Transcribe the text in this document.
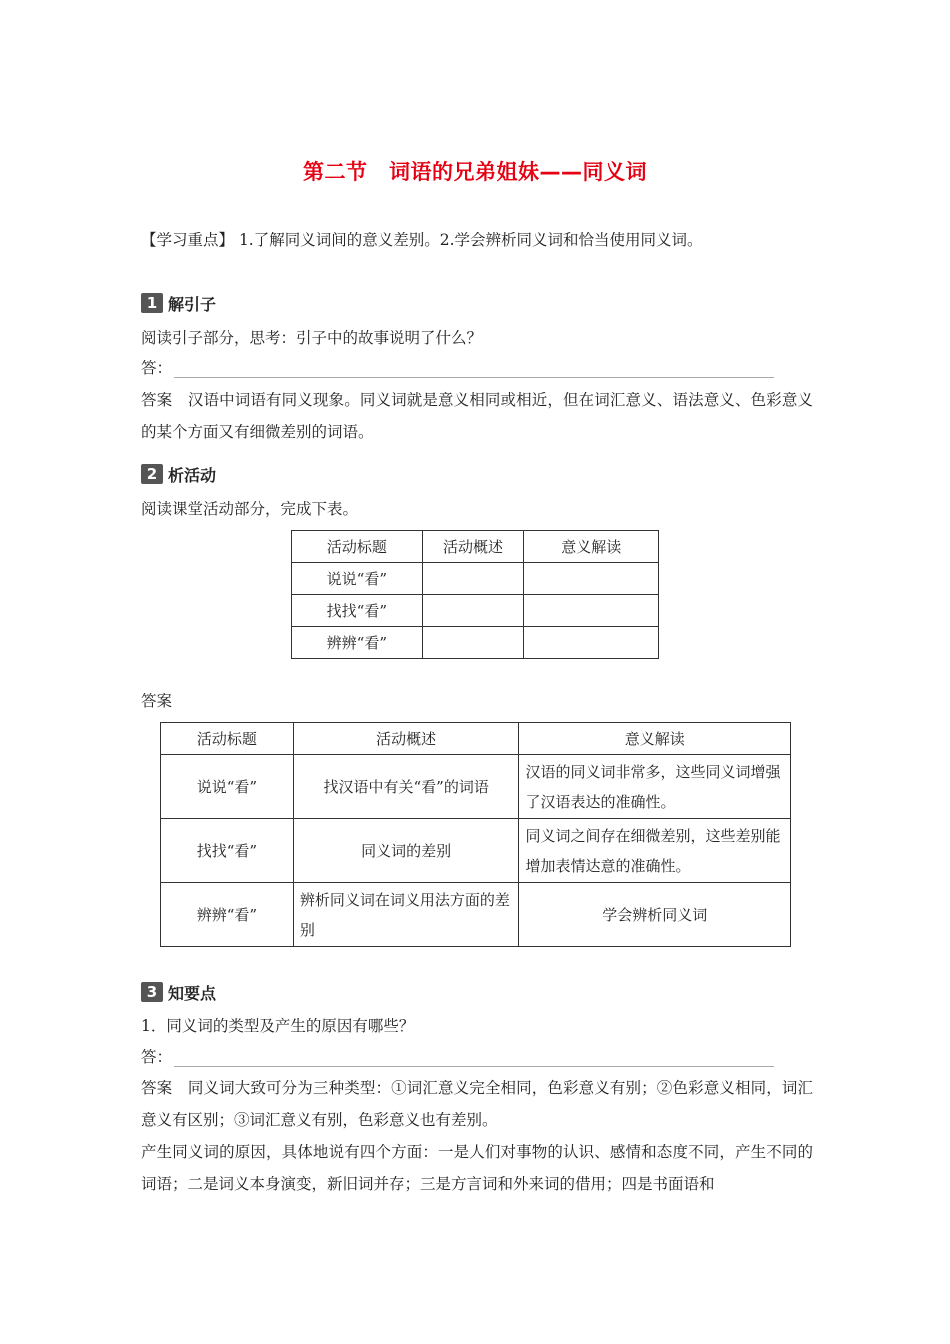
第二节　词语的兄弟姐妹——同义词
【学习重点】 1.了解同义词间的意义差别。2.学会辨析同义词和恰当使用同义词。
1 解引子
阅读引子部分，思考：引子中的故事说明了什么？
答：
答案　汉语中词语有同义现象。同义词就是意义相同或相近，但在词汇意义、语法意义、色彩意义的某个方面又有细微差别的词语。
2 析活动
阅读课堂活动部分，完成下表。
活动标题	活动概述	意义解读
说说“看”		
找找“看”		
辨辨“看”		
答案
活动标题	活动概述	意义解读
说说“看”	找汉语中有关“看”的词语	汉语的同义词非常多，这些同义词增强了汉语表达的准确性。
找找“看”	同义词的差别	同义词之间存在细微差别，这些差别能增加表情达意的准确性。
辨辨“看”	辨析同义词在词义用法方面的差别	学会辨析同义词
3 知要点
1．同义词的类型及产生的原因有哪些？
答：
答案　同义词大致可分为三种类型：①词汇意义完全相同，色彩意义有别；②色彩意义相同，词汇意义有区别；③词汇意义有别，色彩意义也有差别。
产生同义词的原因，具体地说有四个方面：一是人们对事物的认识、感情和态度不同，产生不同的词语；二是词义本身演变，新旧词并存；三是方言词和外来词的借用；四是书面语和
